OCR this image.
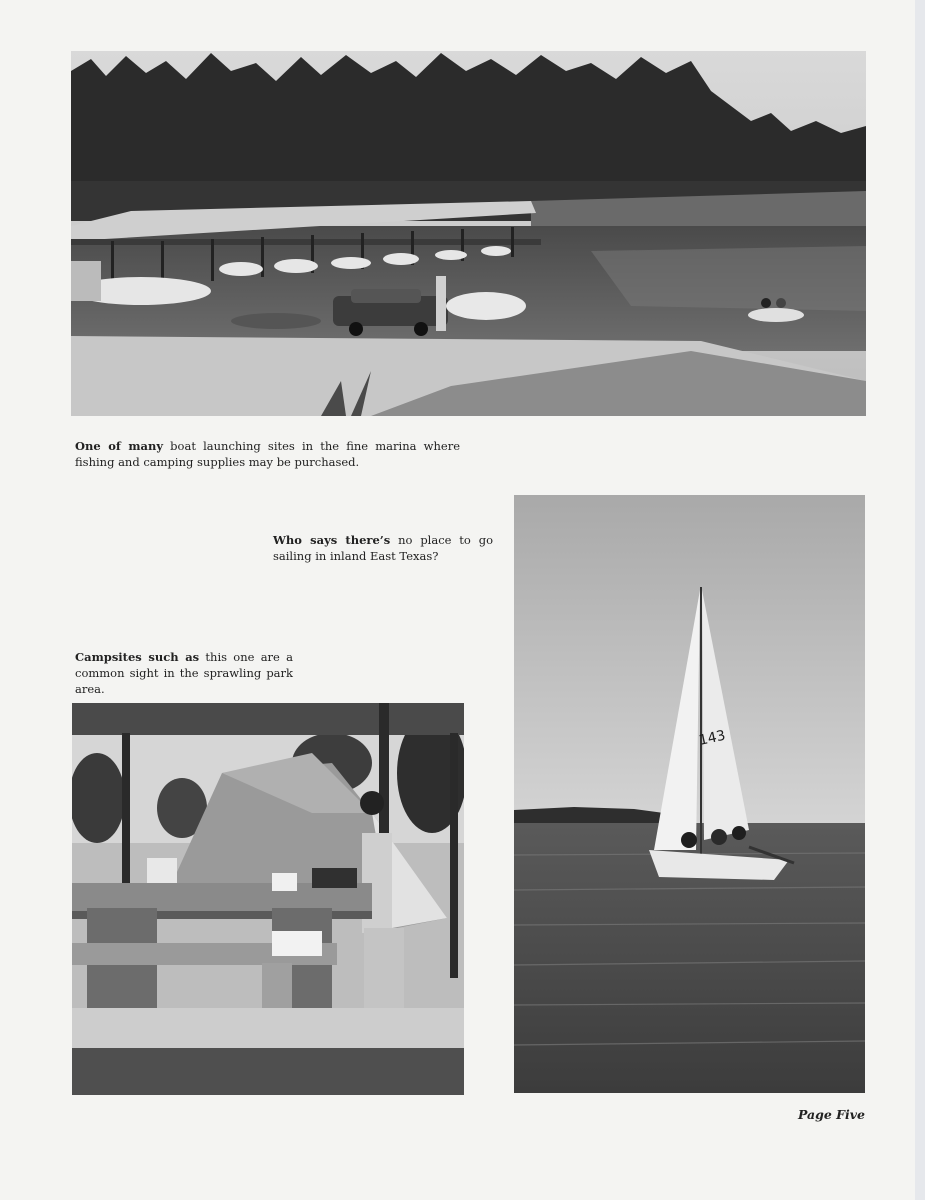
One of many boat launching sites in the fine marina where fishing and camping supplies may be purchased.

Who says there’s no place to go sailing in inland East Texas?

Campsites such as this one are a common sight in the sprawling park area.

143
Page Five
